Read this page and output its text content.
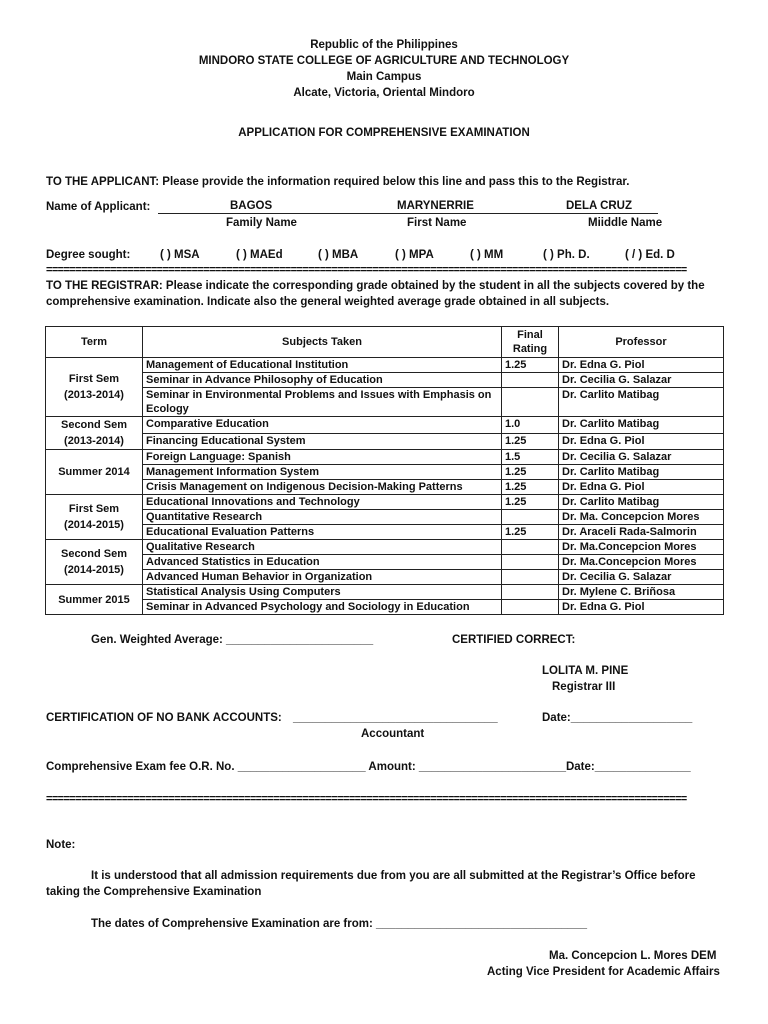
Republic of the Philippines
MINDORO STATE COLLEGE OF AGRICULTURE AND TECHNOLOGY
Main Campus
Alcate, Victoria, Oriental Mindoro
APPLICATION FOR COMPREHENSIVE EXAMINATION
TO THE APPLICANT: Please provide the information required below this line and pass this to the Registrar.
Name of Applicant:	BAGOS	MARYNERRIE	DELA CRUZ
Family Name	First Name	Miiddle Name
Degree sought:	( ) MSA	( ) MAEd	( ) MBA	( ) MPA	( ) MM	( ) Ph. D.	( / ) Ed. D
==============================================================================================================
TO THE REGISTRAR: Please indicate the corresponding grade obtained by the student in all the subjects covered by the
comprehensive examination. Indicate also the general weighted average grade obtained in all subjects.
Term	Subjects Taken	Final Rating	Professor
First Sem
(2013-2014)	Management of Educational Institution	1.25	Dr. Edna G. Piol
	Seminar in Advance Philosophy of Education		Dr. Cecilia G. Salazar
	Seminar in Environmental Problems and Issues with Emphasis on Ecology		Dr. Carlito Matibag
Second Sem
(2013-2014)	Comparative Education	1.0	Dr. Carlito Matibag
	Financing Educational System	1.25	Dr. Edna G. Piol
Summer 2014	Foreign Language: Spanish	1.5	Dr. Cecilia G. Salazar
	Management Information System	1.25	Dr. Carlito Matibag
	Crisis Management on Indigenous Decision-Making Patterns	1.25	Dr. Edna G. Piol
First Sem
(2014-2015)	Educational Innovations and Technology	1.25	Dr. Carlito Matibag
	Quantitative Research		Dr. Ma. Concepcion Mores
	Educational Evaluation Patterns	1.25	Dr. Araceli Rada-Salmorin
Second Sem
(2014-2015)	Qualitative Research		Dr. Ma.Concepcion Mores
	Advanced Statistics in Education		Dr. Ma.Concepcion Mores
	Advanced Human Behavior in Organization		Dr. Cecilia G. Salazar
Summer 2015	Statistical Analysis Using Computers		Dr. Mylene C. Briñosa
	Seminar in Advanced Psychology and Sociology in Education		Dr. Edna G. Piol
Gen. Weighted Average: _______________________	CERTIFIED CORRECT:
LOLITA M. PINE
Registrar III
CERTIFICATION OF NO BANK ACCOUNTS: ________________________________	Date:___________________
Accountant
Comprehensive Exam fee O.R. No. ____________________ Amount: _______________________Date:_______________
==============================================================================================================
Note:
It is understood that all admission requirements due from you are all submitted at the Registrar’s Office before
taking the Comprehensive Examination
The dates of Comprehensive Examination are from: _________________________________
Ma. Concepcion L. Mores DEM
Acting Vice President for Academic Affairs
